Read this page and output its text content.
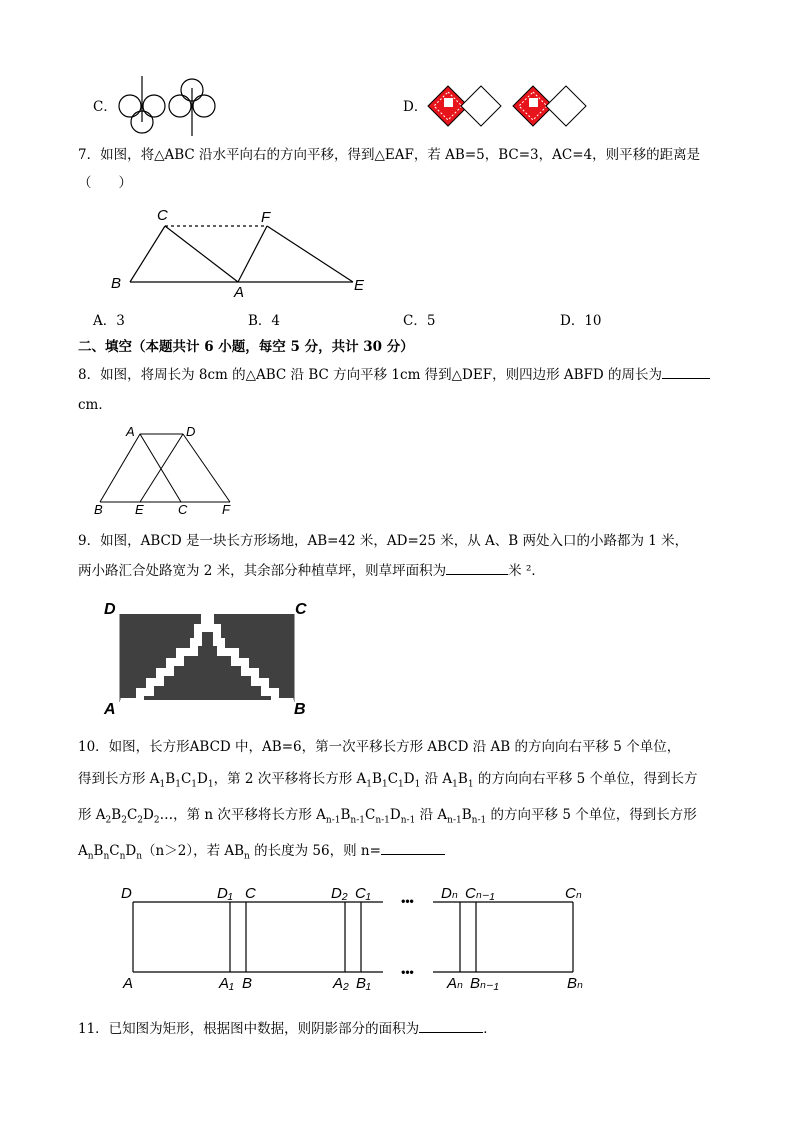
C．	D．
7．如图，将△ABC 沿水平向右的方向平移，得到△EAF，若 AB=5，BC=3，AC=4，则平移的距离是
（　　）
C	F
B
A	E
A．3	B．4	C．5	D．10
二、填空（本题共计 6 小题，每空 5 分，共计 30 分）
8．如图，将周长为 8cm 的△ABC 沿 BC 方向平移 1cm 得到△DEF，则四边形 ABFD 的周长为
cm．
A	D
B E	C	F
9．如图，ABCD 是一块长方形场地，AB=42 米，AD=25 米，从 A、B 两处入口的小路都为 1 米，
两小路汇合处路宽为 2 米，其余部分种植草坪，则草坪面积为	米 ²．
D	C
A	B
10．如图，长方形ABCD 中，AB=6，第一次平移长方形 ABCD 沿 AB 的方向向右平移 5 个单位，
得到长方形 $A_1B_1C_1D_1$，第 2 次平移将长方形 $A_1B_1C_1D_1$ 沿 $A_1B_1$ 的方向向右平移 5 个单位，得到长方
形 $A_2B_2C_2D_2\dots$，第 n 次平移将长方形 $A_{n-1}B_{n-1}C_{n-1}D_{n-1}$ 沿 $A_{n-1}B_{n-1}$ 的方向平移 5 个单位，得到长方形
$A_nB_nC_nD_n(n>2)$，若 $AB_n$ 的长度为 56，则 n=
•••
•••
D	D₁ C	D₂ C₁	Dₙ Cₙ₋₁	Cₙ
A	A₁ B	A₂ B₁	Aₙ Bₙ₋₁	Bₙ
11．已知图为矩形，根据图中数据，则阴影部分的面积为	．
